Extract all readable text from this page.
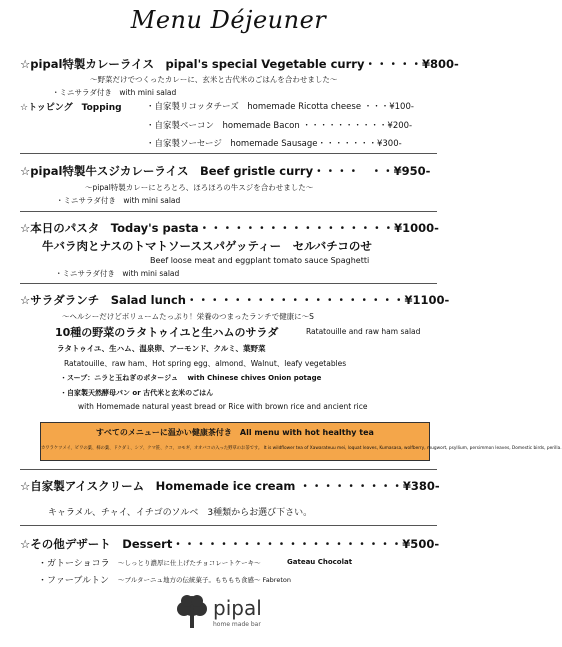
Menu Déjeuner
☆pipal特製カレーライス　pipal's special Vegetable curry・・・・・¥800-
〜野菜だけでつくったカレーに、玄米と古代米のごはんを合わせました〜
・ミニサラダ付き　with mini salad
☆トッピング　Topping	・自家製リコッタチーズ　homemade Ricotta cheese ・・・¥100-
・自家製ベーコン　homemade Bacon ・・・・・・・・・・¥200-
・自家製ソーセージ　homemade Sausage・・・・・・・¥300-
☆pipal特製牛スジカレーライス　Beef gristle curry・・・・　・・¥950-
〜pipal特製カレーにとろとろ、ほろほろの牛スジを合わせました〜
・ミニサラダ付き　with mini salad
☆本日のパスタ　Today's pasta・・・・・・・・・・・・・・・・・¥1000-
牛バラ肉とナスのトマトソーススパゲッティー　セルバチコのせ
Beef loose meat and eggplant tomato sauce Spaghetti
・ミニサラダ付き　with mini salad
☆サラダランチ　Salad lunch・・・・・・・・・・・・・・・・・・・¥1100-
〜ヘルシーだけどボリュームたっぷり！栄養のつまったランチで健康に〜S
10種の野菜のラタトゥイユと生ハムのサラダ	Ratatouille and raw ham salad
ラタトゥイユ、生ハム、温泉卵、アーモンド、クルミ、葉野菜
Ratatouille、raw ham、Hot spring egg、almond、Walnut、leafy vegetables
・スープ：ニラと玉ねぎのポタージュ　 with Chinese chives Onion potage
・自家製天然酵母パン or 古代米と玄米のごはん
with Homemade natural yeast bread or Rice with brown rice and ancient rice
すべてのメニューに温かい健康茶付き　All menu with hot healthy tea
カワラケツメイ、ビワの葉、柿の葉、ドクダミ、シソ、クマ笹、クコ、ヨモギ、オオバコの入った野草のお茶です。 It is wildflower tea of Xawarateuu mei, loquat leaves, Kumasasa, wolfberry, mugwort, psyllium, persimmon leaves, Domestic birds, perilla.
☆自家製アイスクリーム　Homemade ice cream ・・・・・・・・・¥380-
キャラメル、チャイ、イチゴのソルベ　3種類からお選び下さい。
☆その他デザート　Dessert・・・・・・・・・・・・・・・・・・・・¥500-
・ガトーショコラ 〜しっとり濃厚に仕上げたチョコレートケーキ〜	Gateau Chocolat
・ファーブルトン 〜ブルターニュ地方の伝統菓子。もちもち食感〜 Fabreton
pipal
home made bar
